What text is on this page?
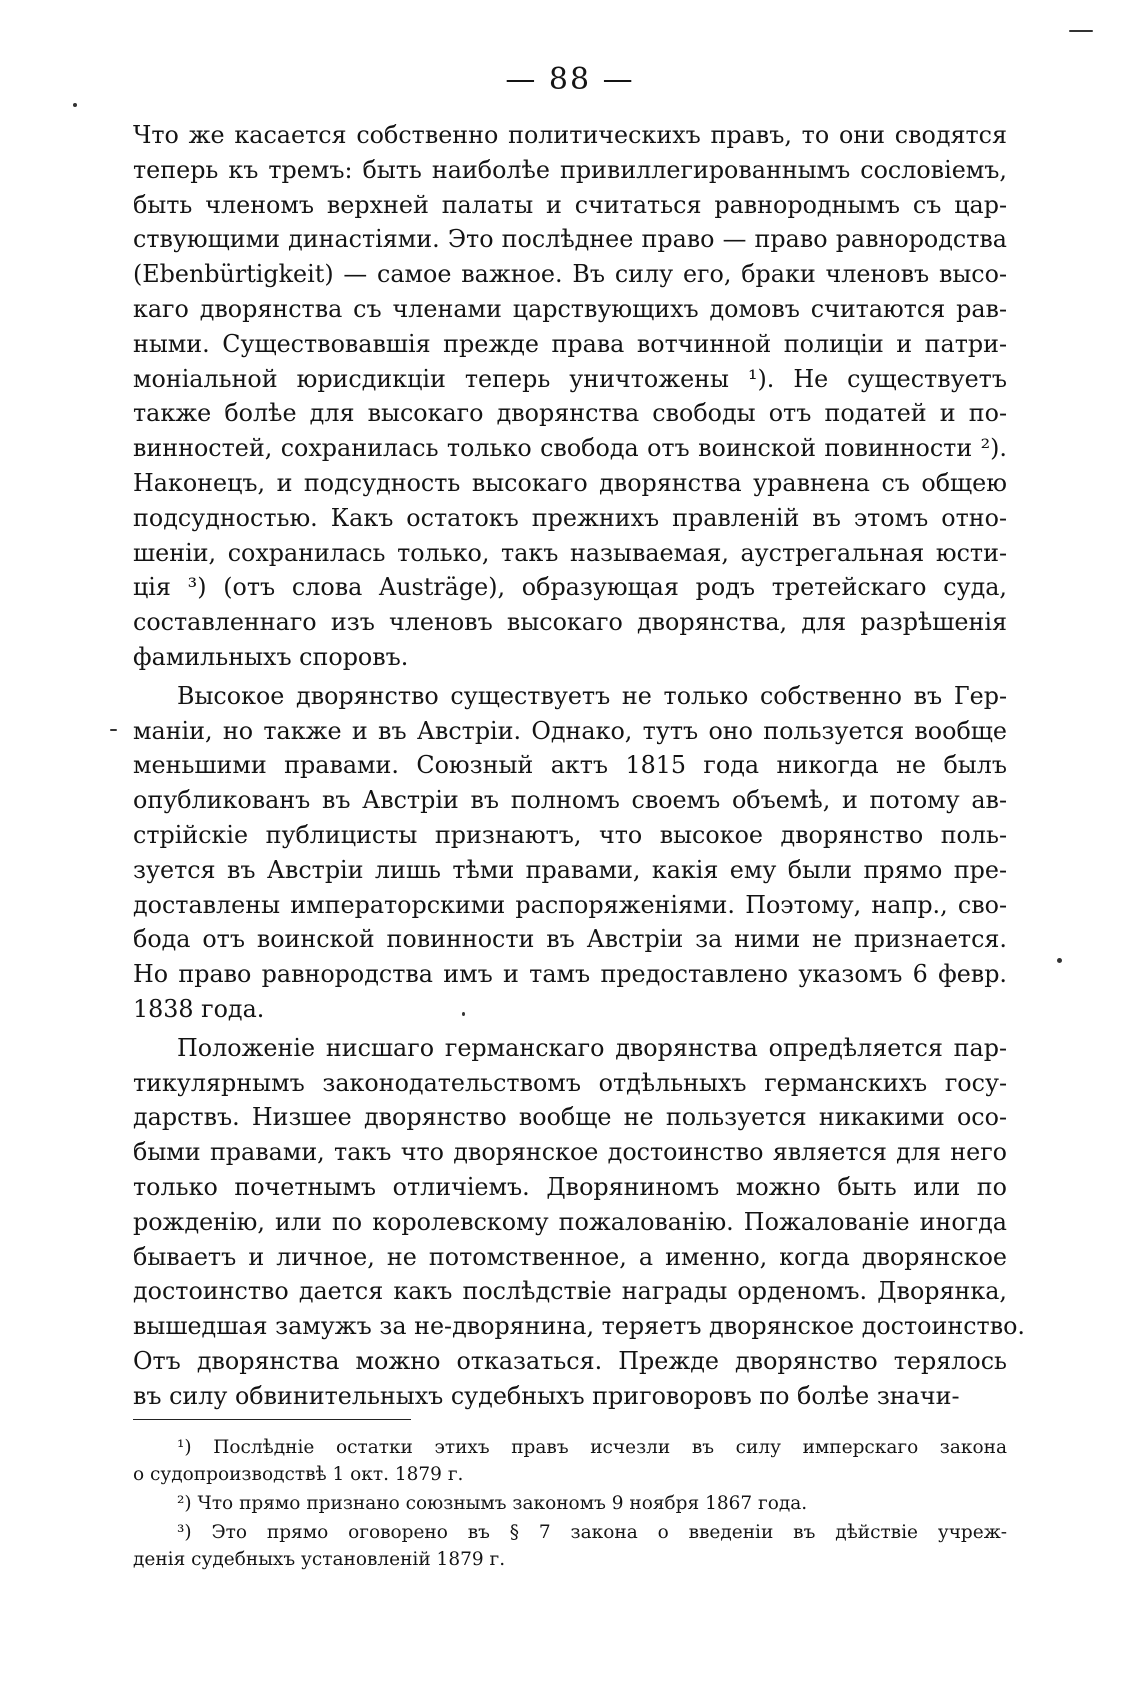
— 88 —
Что же касается собственно политическихъ правъ, то они сводятся
теперь къ тремъ: быть наиболѣе привиллегированнымъ сословіемъ,
быть членомъ верхней палаты и считаться равнороднымъ съ цар-
ствующими династіями. Это послѣднее право — право равнородства
(Ebenbürtigkeit) — самое важное. Въ силу его, браки членовъ высо-
каго дворянства съ членами царствующихъ домовъ считаются рав-
ными. Существовавшія прежде права вотчинной полиціи и патри-
моніальной юрисдикціи теперь уничтожены ¹). Не существуетъ
также болѣе для высокаго дворянства свободы отъ податей и по-
винностей, сохранилась только свобода отъ воинской повинности ²).
Наконецъ, и подсудность высокаго дворянства уравнена съ общею
подсудностью. Какъ остатокъ прежнихъ правленій въ этомъ отно-
шеніи, сохранилась только, такъ называемая, аустрегальная юсти-
ція ³) (отъ слова Austräge), образующая родъ третейскаго суда,
составленнаго изъ членовъ высокаго дворянства, для разрѣшенія
фамильныхъ споровъ.
Высокое дворянство существуетъ не только собственно въ Гер-
маніи, но также и въ Австріи. Однако, тутъ оно пользуется вообще
меньшими правами. Союзный актъ 1815 года никогда не былъ
опубликованъ въ Австріи въ полномъ своемъ объемѣ, и потому ав-
стрійскіе публицисты признаютъ, что высокое дворянство поль-
зуется въ Австріи лишь тѣми правами, какія ему были прямо пре-
доставлены императорскими распоряженіями. Поэтому, напр., сво-
бода отъ воинской повинности въ Австріи за ними не признается.
Но право равнородства имъ и тамъ предоставлено указомъ 6 февр.
1838 года.
Положеніе нисшаго германскаго дворянства опредѣляется пар-
тикулярнымъ законодательствомъ отдѣльныхъ германскихъ госу-
дарствъ. Низшее дворянство вообще не пользуется никакими осо-
быми правами, такъ что дворянское достоинство является для него
только почетнымъ отличіемъ. Дворяниномъ можно быть или по
рожденію, или по королевскому пожалованію. Пожалованіе иногда
бываетъ и личное, не потомственное, а именно, когда дворянское
достоинство дается какъ послѣдствіе награды орденомъ. Дворянка,
вышедшая замужъ за не-дворянина, теряетъ дворянское достоинство.
Отъ дворянства можно отказаться. Прежде дворянство терялось
въ силу обвинительныхъ судебныхъ приговоровъ по болѣе значи-
¹) Послѣдніе остатки этихъ правъ исчезли въ силу имперскаго закона
о судопроизводствѣ 1 окт. 1879 г.
²) Что прямо признано союзнымъ закономъ 9 ноября 1867 года.
³) Это прямо оговорено въ § 7 закона о введеніи въ дѣйствіе учреж-
денія судебныхъ установленій 1879 г.
